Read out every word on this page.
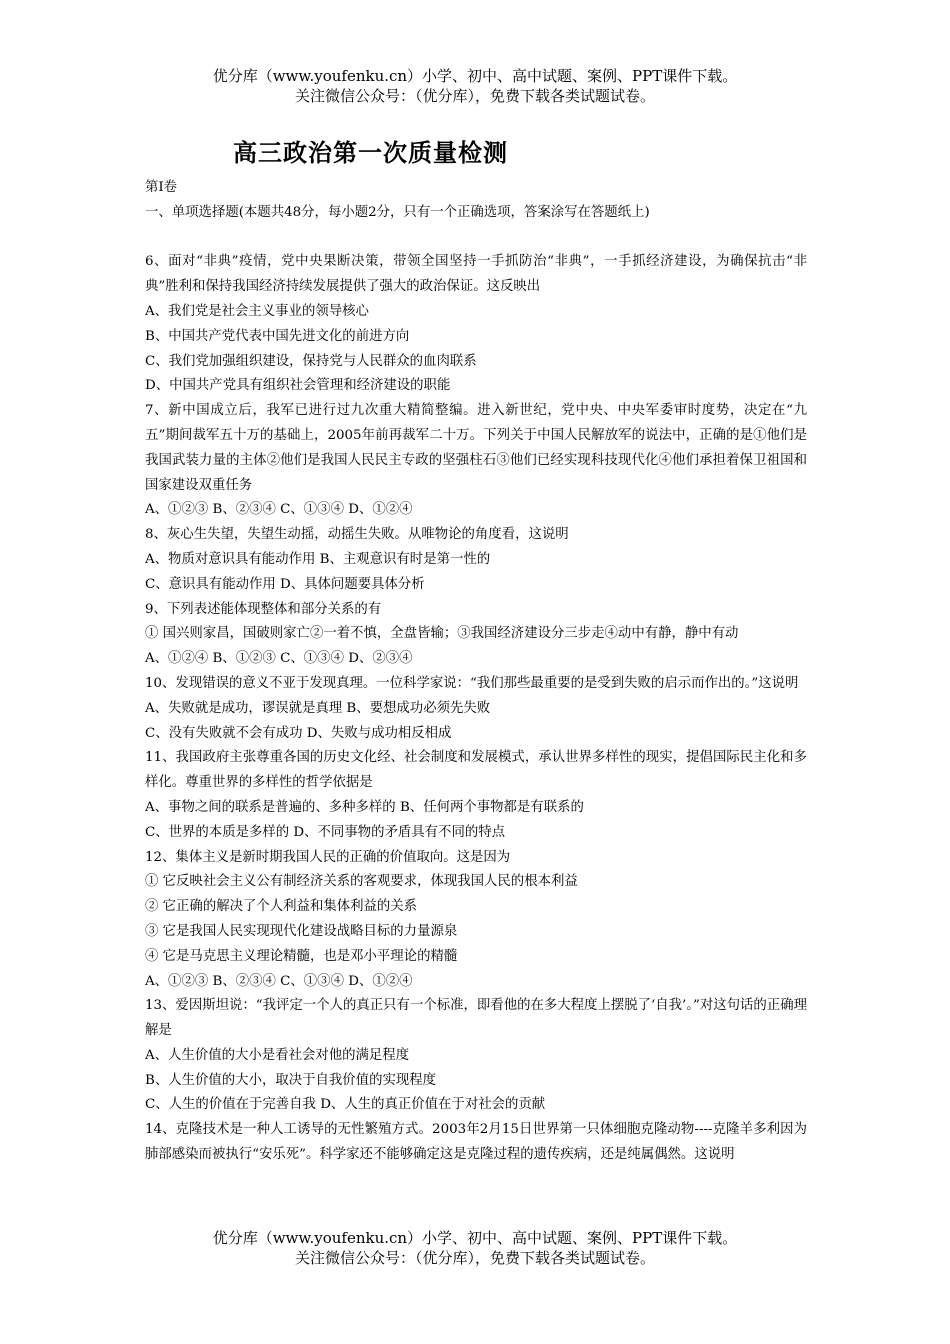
优分库（www.youfenku.cn）小学、初中、高中试题、案例、PPT课件下载。
关注微信公众号：（优分库），免费下载各类试题试卷。
高三政治第一次质量检测

第Ⅰ卷

一、单项选择题(本题共48分，每小题2分，只有一个正确选项，答案涂写在答题纸上)

6、面对“非典”疫情，党中央果断决策，带领全国坚持一手抓防治“非典”，一手抓经济建设，为确保抗击“非典”胜利和保持我国经济持续发展提供了强大的政治保证。这反映出

A、我们党是社会主义事业的领导核心

B、中国共产党代表中国先进文化的前进方向

C、我们党加强组织建设，保持党与人民群众的血肉联系

D、中国共产党具有组织社会管理和经济建设的职能

7、新中国成立后，我军已进行过九次重大精简整编。进入新世纪，党中央、中央军委审时度势，决定在“九五”期间裁军五十万的基础上，2005年前再裁军二十万。下列关于中国人民解放军的说法中，正确的是①他们是我国武装力量的主体②他们是我国人民民主专政的坚强柱石③他们已经实现科技现代化④他们承担着保卫祖国和国家建设双重任务

A、①②③ B、②③④ C、①③④ D、①②④

8、灰心生失望，失望生动摇，动摇生失败。从唯物论的角度看，这说明

A、物质对意识具有能动作用 B、主观意识有时是第一性的

C、意识具有能动作用 D、具体问题要具体分析

9、下列表述能体现整体和部分关系的有

① 国兴则家昌，国破则家亡②一着不慎，全盘皆输；③我国经济建设分三步走④动中有静，静中有动

A、①②④ B、①②③ C、①③④ D、②③④

10、发现错误的意义不亚于发现真理。一位科学家说：“我们那些最重要的是受到失败的启示而作出的。”这说明

A、失败就是成功，谬误就是真理 B、要想成功必须先失败

C、没有失败就不会有成功 D、失败与成功相反相成

11、我国政府主张尊重各国的历史文化经、社会制度和发展模式，承认世界多样性的现实，提倡国际民主化和多样化。尊重世界的多样性的哲学依据是

A、事物之间的联系是普遍的、多种多样的 B、任何两个事物都是有联系的

C、世界的本质是多样的 D、不同事物的矛盾具有不同的特点

12、集体主义是新时期我国人民的正确的价值取向。这是因为

① 它反映社会主义公有制经济关系的客观要求，体现我国人民的根本利益

② 它正确的解决了个人利益和集体利益的关系

③ 它是我国人民实现现代化建设战略目标的力量源泉

④ 它是马克思主义理论精髓，也是邓小平理论的精髓

A、①②③ B、②③④ C、①③④ D、①②④

13、爱因斯坦说：“我评定一个人的真正只有一个标准，即看他的在多大程度上摆脱了‘自我’。”对这句话的正确理解是

A、人生价值的大小是看社会对他的满足程度

B、人生价值的大小，取决于自我价值的实现程度

C、人生的价值在于完善自我 D、人生的真正价值在于对社会的贡献

14、克隆技术是一种人工诱导的无性繁殖方式。2003年2月15日世界第一只体细胞克隆动物----克隆羊多利因为肺部感染而被执行“安乐死”。科学家还不能够确定这是克隆过程的遗传疾病，还是纯属偶然。这说明

优分库（www.youfenku.cn）小学、初中、高中试题、案例、PPT课件下载。
关注微信公众号：（优分库），免费下载各类试题试卷。
